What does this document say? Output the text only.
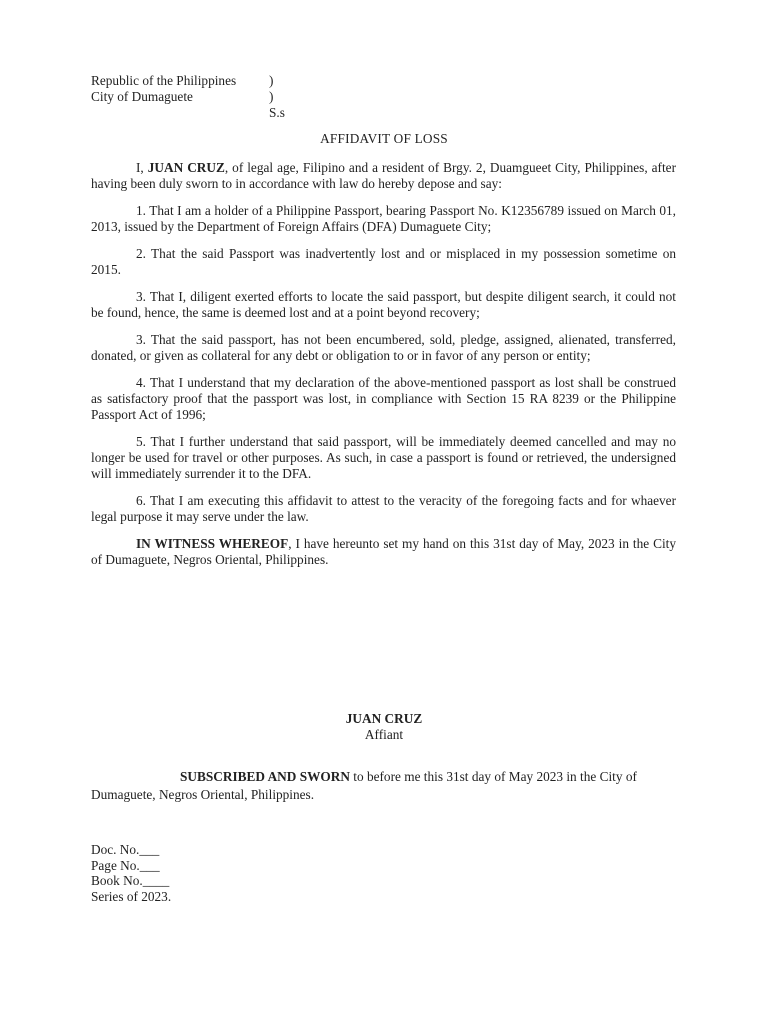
Republic of the Philippines )
City of Dumaguete	) S.s
AFFIDAVIT OF LOSS

I, JUAN CRUZ, of legal age, Filipino and a resident of Brgy. 2, Duamgueet City, Philippines, after having been duly sworn to in accordance with law do hereby depose and say:

1. That I am a holder of a Philippine Passport, bearing Passport No. K12356789 issued on March 01, 2013, issued by the Department of Foreign Affairs (DFA) Dumaguete City;

2. That the said Passport was inadvertently lost and or misplaced in my possession sometime on 2015.

3. That I, diligent exerted efforts to locate the said passport, but despite diligent search, it could not be found, hence, the same is deemed lost and at a point beyond recovery;

3. That the said passport, has not been encumbered, sold, pledge, assigned, alienated, transferred, donated, or given as collateral for any debt or obligation to or in favor of any person or entity;

4. That I understand that my declaration of the above-mentioned passport as lost shall be construed as satisfactory proof that the passport was lost, in compliance with Section 15 RA 8239 or the Philippine Passport Act of 1996;

5. That I further understand that said passport, will be immediately deemed cancelled and may no longer be used for travel or other purposes. As such, in case a passport is found or retrieved, the undersigned will immediately surrender it to the DFA.

6. That I am executing this affidavit to attest to the veracity of the foregoing facts and for whaever legal purpose it may serve under the law.

IN WITNESS WHEREOF, I have hereunto set my hand on this 31st day of May, 2023 in the City of Dumaguete, Negros Oriental, Philippines.

JUAN CRUZ
Affiant
SUBSCRIBED AND SWORN to before me this 31st day of May 2023 in the City of Dumaguete, Negros Oriental, Philippines.
Doc. No.___
Page No.___
Book No.____
Series of 2023.
